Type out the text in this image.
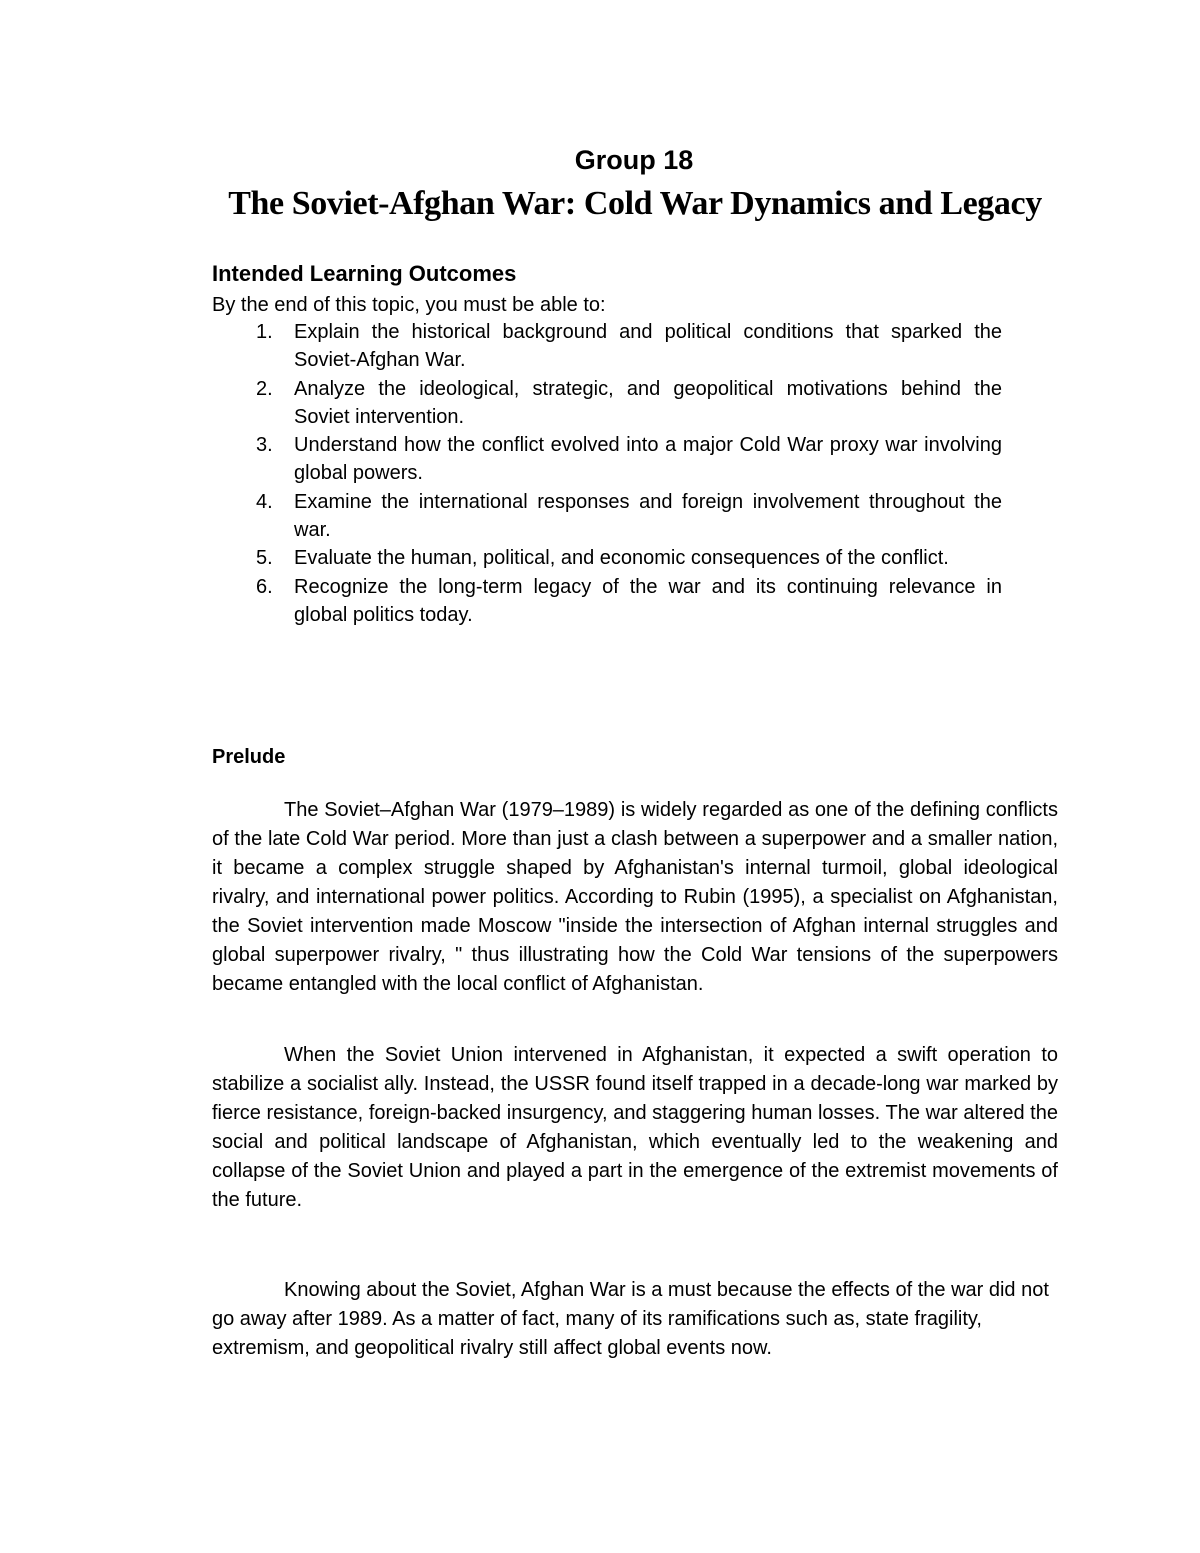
Group 18
The Soviet-Afghan War: Cold War Dynamics and Legacy
Intended Learning Outcomes
By the end of this topic, you must be able to:
1. Explain the historical background and political conditions that sparked the Soviet-Afghan War.
2. Analyze the ideological, strategic, and geopolitical motivations behind the Soviet intervention.
3. Understand how the conflict evolved into a major Cold War proxy war involving global powers.
4. Examine the international responses and foreign involvement throughout the war.
5. Evaluate the human, political, and economic consequences of the conflict.
6. Recognize the long-term legacy of the war and its continuing relevance in global politics today.
Prelude

The Soviet–Afghan War (1979–1989) is widely regarded as one of the defining conflicts of the late Cold War period. More than just a clash between a superpower and a smaller nation, it became a complex struggle shaped by Afghanistan's internal turmoil, global ideological rivalry, and international power politics. According to Rubin (1995), a specialist on Afghanistan, the Soviet intervention made Moscow "inside the intersection of Afghan internal struggles and global superpower rivalry, " thus illustrating how the Cold War tensions of the superpowers became entangled with the local conflict of Afghanistan.

When the Soviet Union intervened in Afghanistan, it expected a swift operation to stabilize a socialist ally. Instead, the USSR found itself trapped in a decade-long war marked by fierce resistance, foreign-backed insurgency, and staggering human losses. The war altered the social and political landscape of Afghanistan, which eventually led to the weakening and collapse of the Soviet Union and played a part in the emergence of the extremist movements of the future.

Knowing about the Soviet, Afghan War is a must because the effects of the war did not go away after 1989. As a matter of fact, many of its ramifications such as, state fragility, extremism, and geopolitical rivalry still affect global events now.
